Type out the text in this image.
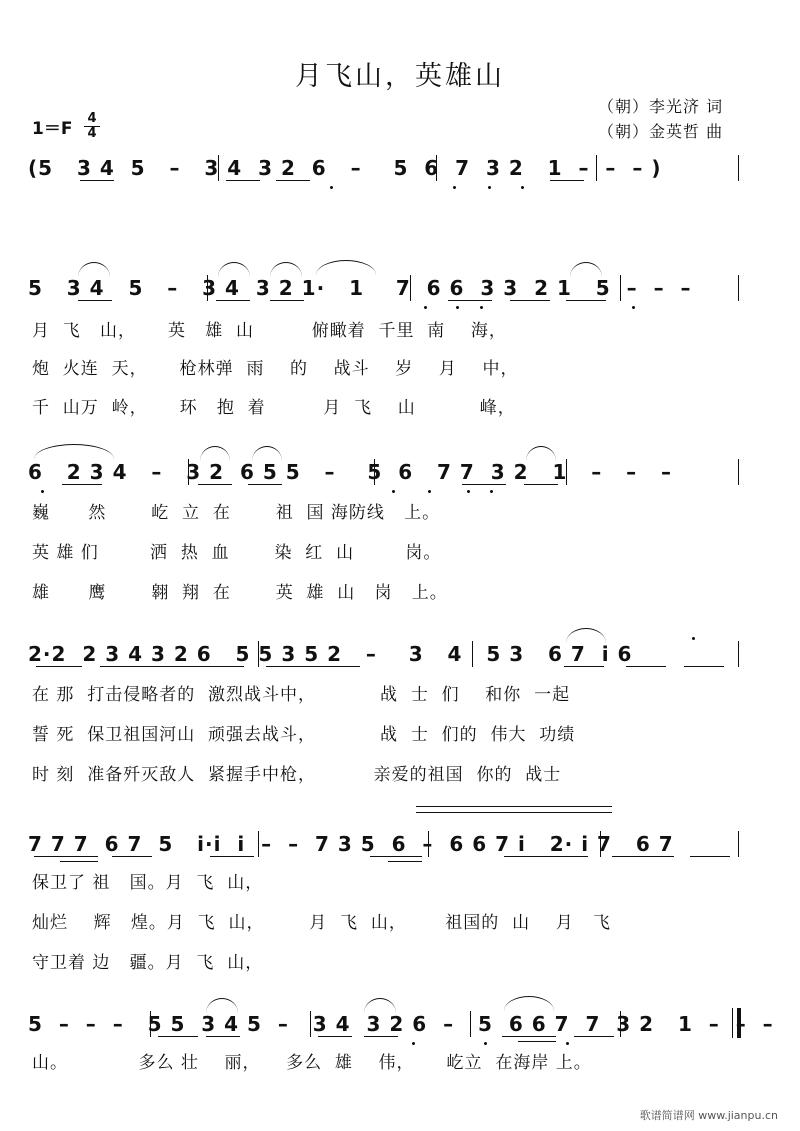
月飞山，英雄山
（朝）李光济 词
（朝）金英哲 曲
$1=F \frac{4}{4}$
(5   3 4  5   –   3 4  3 2  6   –    5  6  7  3 2   1  –  –  – )
5   3 4   5   –   3 4  3 2 1·   1    7  6 6  3 3  2 1   5  –  –  –
月  飞   山，     英   雄  山         俯瞰着  千里  南    海，
炮  火连  天，     枪林弹  雨    的    战斗    岁    月    中，
千  山万  岭，     环   抱  着         月  飞    山          峰，
6   2 3 4   –   3 2  6 5 5   –    5  6   7 7  3 2   1   –   –   –
巍      然       屹  立  在       祖  国 海防线   上。
英 雄 们        洒  热  血       染  红  山        岗。
雄      鹰       翱  翔  在       英  雄  山   岗   上。
2·2  2 3 4 3 2 6   5 5 3 5 2   –    3   4   5 3   6 7  i 6
在 那  打击侵略者的  激烈战斗中，          战  士  们    和你  一起
誓 死  保卫祖国河山  顽强去战斗，          战  士  们的  伟大  功绩
时 刻  准备歼灭敌人  紧握手中枪，         亲爱的祖国  你的  战士
7 7 7  6 7  5   i·i  i  –  –  7 3 5  6  –  6 6 7 i   2· i 7   6 7
保卫了 祖   国。月  飞  山，
灿烂    辉   煌。月  飞  山，       月  飞  山，      祖国的  山    月   飞
守卫着 边   疆。月  飞  山，
5  –  –  –   5 5  3 4 5  –   3 4  3 2 6  –   5  6 6 7  7  3 2   1  –  –  –
山。           多么 壮    丽，    多么  雄    伟，     屹立  在海岸 上。
歌谱简谱网 www.jianpu.cn
